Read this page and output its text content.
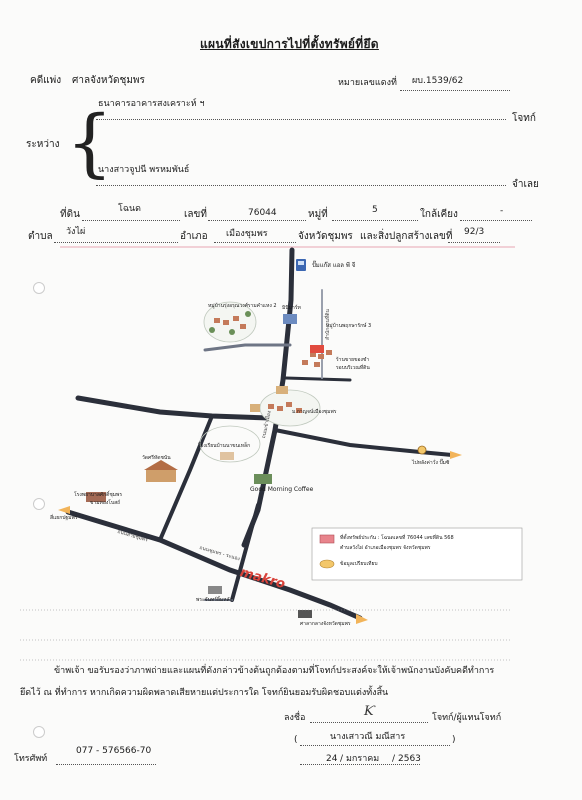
แผนที่สังเขปการไปที่ตั้งทรัพย์ที่ยึด
คดีแพ่ง ศาลจังหวัดชุมพร	หมายเลขแดงที่ ผบ.1539/62
ธนาคารอาคารสงเคราะห์ ฯ
โจทก์
ระหว่าง {
นางสาวจูปนี พรหมพันธ์
จำเลย
ที่ดิน	โฉนด	เลขที่	76044	หมู่ที่	5	ใกล้เคียง	-
ตำบล วังไผ่	อำเภอ เมืองชุมพร	จังหวัดชุมพร และสิ่งปลูกสร้างเลขที่ 92/3
ปั๊มแก๊ส แอล พี จี
หมู่บ้านรุ่งอรุณวงศ์รามคำแหง 2
หมู่บ้านพฤกษารักษ์ 3
มินิมาร์ท
ร้านขายของชำ
รอบบริเวณที่ดิน
ม.กาญจน์เมืองชุมพร
โรงเรียนบ้านนาขนเหล็ก
วัดศรีหัดชนัน
Good Morning Coffee
โรงพยาบาลศักดิ์ชุมพร
ขามทองโบสถ์
สี่แยกปฐมพร
ไปหลังค่าวั่ง ปั๊มซิ
makro
พระจันทร์ยิ้มหลัง
ศาลากลางจังหวัดชุมพร
ถนนสายชุมพร
ถนนเข้าเมือง
สำนักงานที่ดิน
ถนนชุมพร - ระนอง
ที่ตั้งทรัพย์ประกัน : โฉนดเลขที่ 76044 เลขที่ดิน 568
ตำบลวังไผ่ อำเภอเมืองชุมพร จังหวัดชุมพร
ข้อมูลเปรียบเทียบ
ข้าพเจ้า ขอรับรองว่าภาพถ่ายและแผนที่ดังกล่าวข้างต้นถูกต้องตามที่โจทก์ประสงค์จะให้เจ้าพนักงานบังคับคดีทำการ
ยึดไว้ ณ ที่ทำการ หากเกิดความผิดพลาดเสียหายแต่ประการใด โจทก์ยินยอมรับผิดชอบแต่งทั้งสิ้น
ลงชื่อ	Ƙ	โจทก์/ผู้แทนโจทก์
(	นางเสาวณี มณีสาร	)
โทรศัพท์
077 - 576566-70
24 / มกราคม / 2563
